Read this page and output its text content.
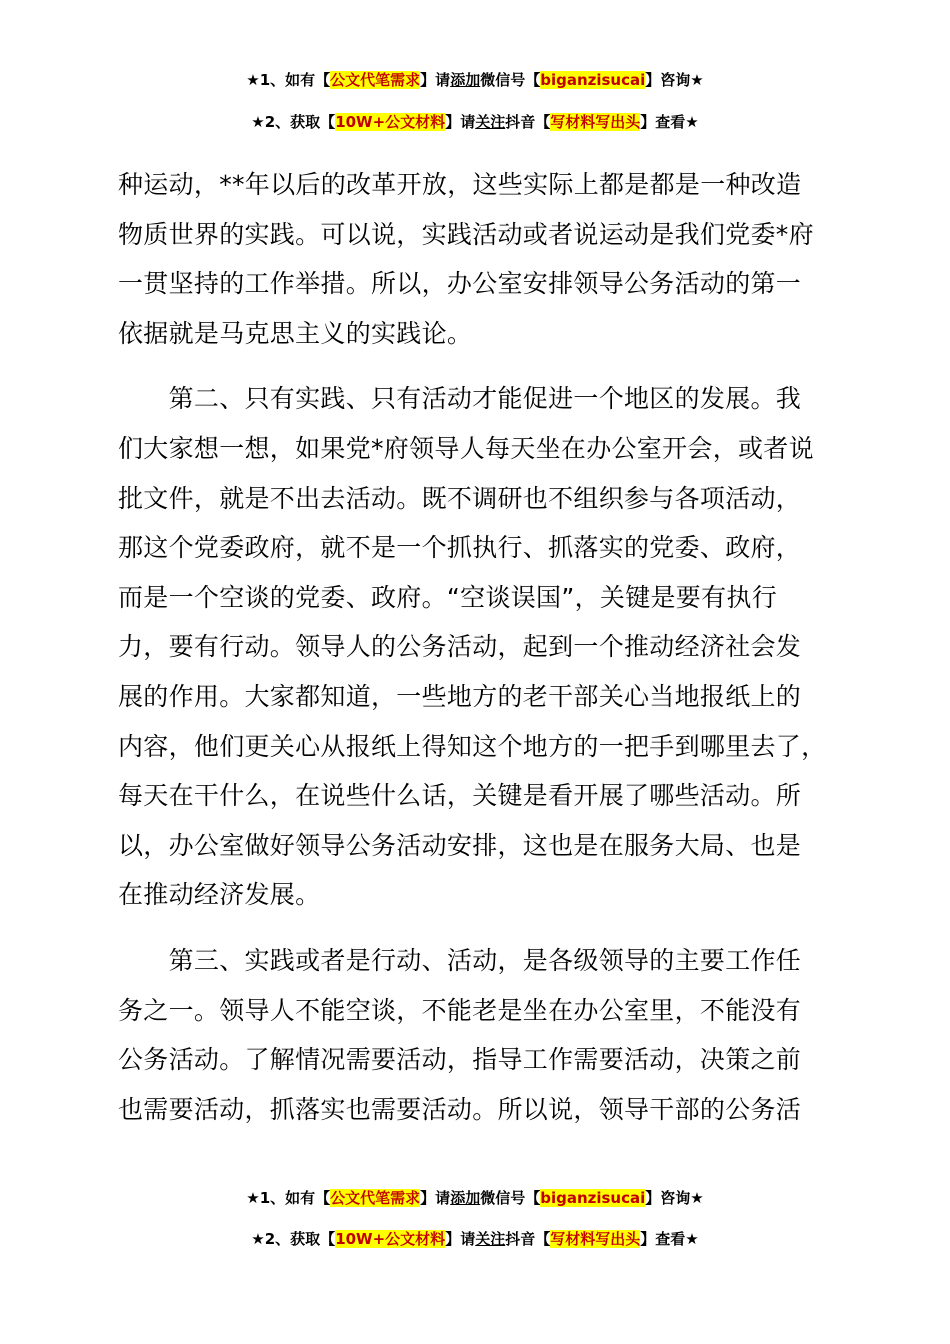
★1、如有【公文代笔需求】请添加微信号【biganzisucai】咨询★
★2、获取【10W+公文材料】请关注抖音【写材料写出头】查看★

种运动，**年以后的改革开放，这些实际上都是都是一种改造

物质世界的实践。可以说，实践活动或者说运动是我们党委*府

一贯坚持的工作举措。所以，办公室安排领导公务活动的第一

依据就是马克思主义的实践论。

　　第二、只有实践、只有活动才能促进一个地区的发展。我

们大家想一想，如果党*府领导人每天坐在办公室开会，或者说

批文件，就是不出去活动。既不调研也不组织参与各项活动，

那这个党委政府，就不是一个抓执行、抓落实的党委、政府，

而是一个空谈的党委、政府。“空谈误国”，关键是要有执行

力，要有行动。领导人的公务活动，起到一个推动经济社会发

展的作用。大家都知道，一些地方的老干部关心当地报纸上的

内容，他们更关心从报纸上得知这个地方的一把手到哪里去了，

每天在干什么，在说些什么话，关键是看开展了哪些活动。所

以，办公室做好领导公务活动安排，这也是在服务大局、也是

在推动经济发展。

　　第三、实践或者是行动、活动，是各级领导的主要工作任

务之一。领导人不能空谈，不能老是坐在办公室里，不能没有

公务活动。了解情况需要活动，指导工作需要活动，决策之前

也需要活动，抓落实也需要活动。所以说，领导干部的公务活

★1、如有【公文代笔需求】请添加微信号【biganzisucai】咨询★
★2、获取【10W+公文材料】请关注抖音【写材料写出头】查看★
